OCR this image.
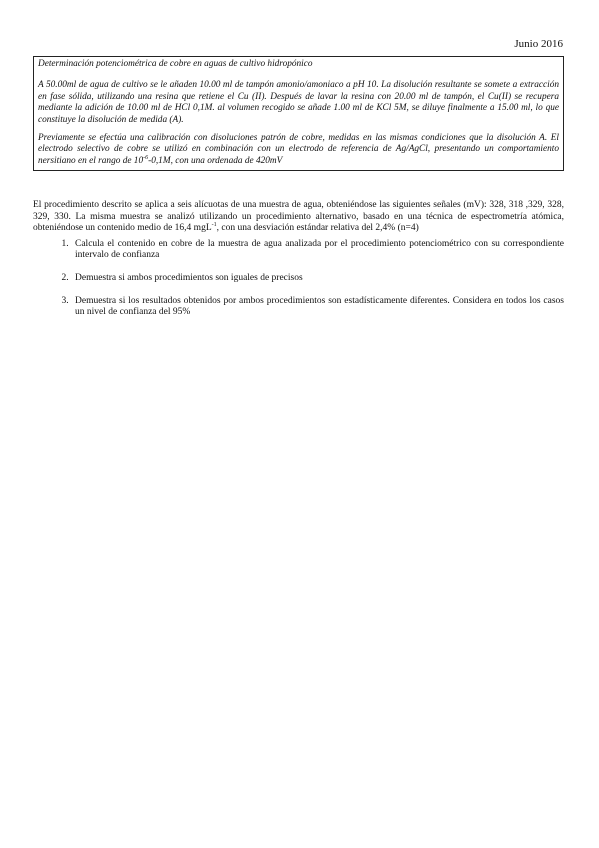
Junio 2016

Determinación potenciométrica de cobre en aguas de cultivo hidropónico

A 50.00ml de agua de cultivo se le añaden 10.00 ml de tampón amonio/amoniaco a pH 10. La disolución resultante se somete a extracción en fase sólida, utilizando una resina que retiene el Cu (II). Después de lavar la resina con 20.00 ml de tampón, el Cu(II) se recupera mediante la adición de 10.00 ml de HCl 0,1M. al volumen recogido se añade 1.00 ml de KCl 5M, se diluye finalmente a 15.00 ml, lo que constituye la disolución de medida (A).

Previamente se efectúa una calibración con disoluciones patrón de cobre, medidas en las mismas condiciones que la disolución A. El electrodo selectivo de cobre se utilizó en combinación con un electrodo de referencia de Ag/AgCl, presentando un comportamiento nersitiano en el rango de $10^{-6}-0,1M$, con una ordenada de 420mV

El procedimiento descrito se aplica a seis alícuotas de una muestra de agua, obteniéndose las siguientes señales (mV): 328, 318 ,329, 328, 329, 330. La misma muestra se analizó utilizando un procedimiento alternativo, basado en una técnica de espectrometría atómica, obteniéndose un contenido medio de 16,4 mgL$^{-1}$, con una desviación estándar relativa del 2,4% (n=4)

1. Calcula el contenido en cobre de la muestra de agua analizada por el procedimiento potenciométrico con su correspondiente intervalo de confianza
2. Demuestra si ambos procedimientos son iguales de precisos
3. Demuestra si los resultados obtenidos por ambos procedimientos son estadísticamente diferentes. Considera en todos los casos un nivel de confianza del 95%
